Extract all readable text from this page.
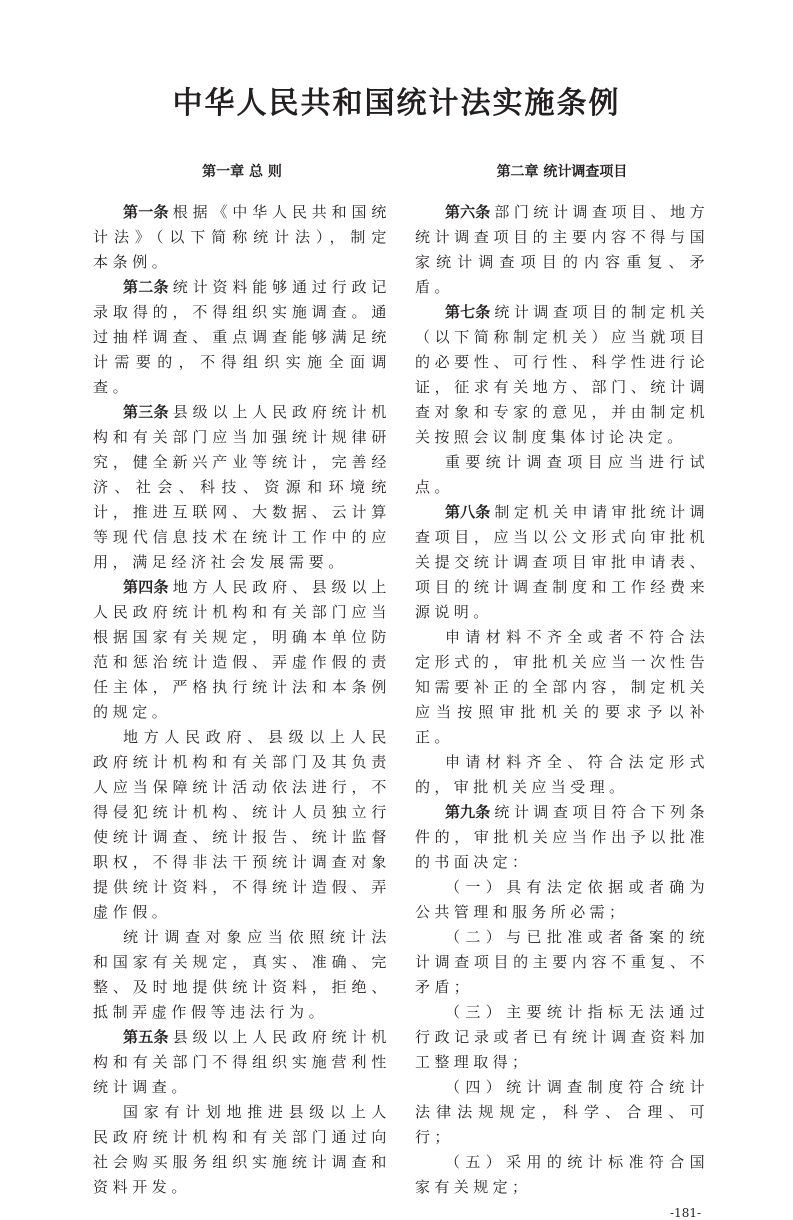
中华人民共和国统计法实施条例
第一章 总 则	第二章 统计调查项目

第一条 根据《中华人民共和国统计法》（以下简称统计法），制定本条例。

第二条 统计资料能够通过行政记录取得的，不得组织实施调查。通过抽样调查、重点调查能够满足统计需要的，不得组织实施全面调查。

第三条 县级以上人民政府统计机构和有关部门应当加强统计规律研究，健全新兴产业等统计，完善经济、社会、科技、资源和环境统计，推进互联网、大数据、云计算等现代信息技术在统计工作中的应用，满足经济社会发展需要。

第四条 地方人民政府、县级以上人民政府统计机构和有关部门应当根据国家有关规定，明确本单位防范和惩治统计造假、弄虚作假的责任主体，严格执行统计法和本条例的规定。

地方人民政府、县级以上人民政府统计机构和有关部门及其负责人应当保障统计活动依法进行，不得侵犯统计机构、统计人员独立行使统计调查、统计报告、统计监督职权，不得非法干预统计调查对象提供统计资料，不得统计造假、弄虚作假。

统计调查对象应当依照统计法和国家有关规定，真实、准确、完整、及时地提供统计资料，拒绝、抵制弄虚作假等违法行为。

第五条 县级以上人民政府统计机构和有关部门不得组织实施营利性统计调查。

国家有计划地推进县级以上人民政府统计机构和有关部门通过向社会购买服务组织实施统计调查和资料开发。

第六条 部门统计调查项目、地方统计调查项目的主要内容不得与国家统计调查项目的内容重复、矛盾。

第七条 统计调查项目的制定机关（以下简称制定机关）应当就项目的必要性、可行性、科学性进行论证，征求有关地方、部门、统计调查对象和专家的意见，并由制定机关按照会议制度集体讨论决定。

重要统计调查项目应当进行试点。

第八条 制定机关申请审批统计调查项目，应当以公文形式向审批机关提交统计调查项目审批申请表、项目的统计调查制度和工作经费来源说明。

申请材料不齐全或者不符合法定形式的，审批机关应当一次性告知需要补正的全部内容，制定机关应当按照审批机关的要求予以补正。

申请材料齐全、符合法定形式的，审批机关应当受理。

第九条 统计调查项目符合下列条件的，审批机关应当作出予以批准的书面决定：

（一）具有法定依据或者确为公共管理和服务所必需；

（二）与已批准或者备案的统计调查项目的主要内容不重复、不矛盾；

（三）主要统计指标无法通过行政记录或者已有统计调查资料加工整理取得；

（四）统计调查制度符合统计法律法规规定，科学、合理、可行；

（五）采用的统计标准符合国家有关规定；

-181-
